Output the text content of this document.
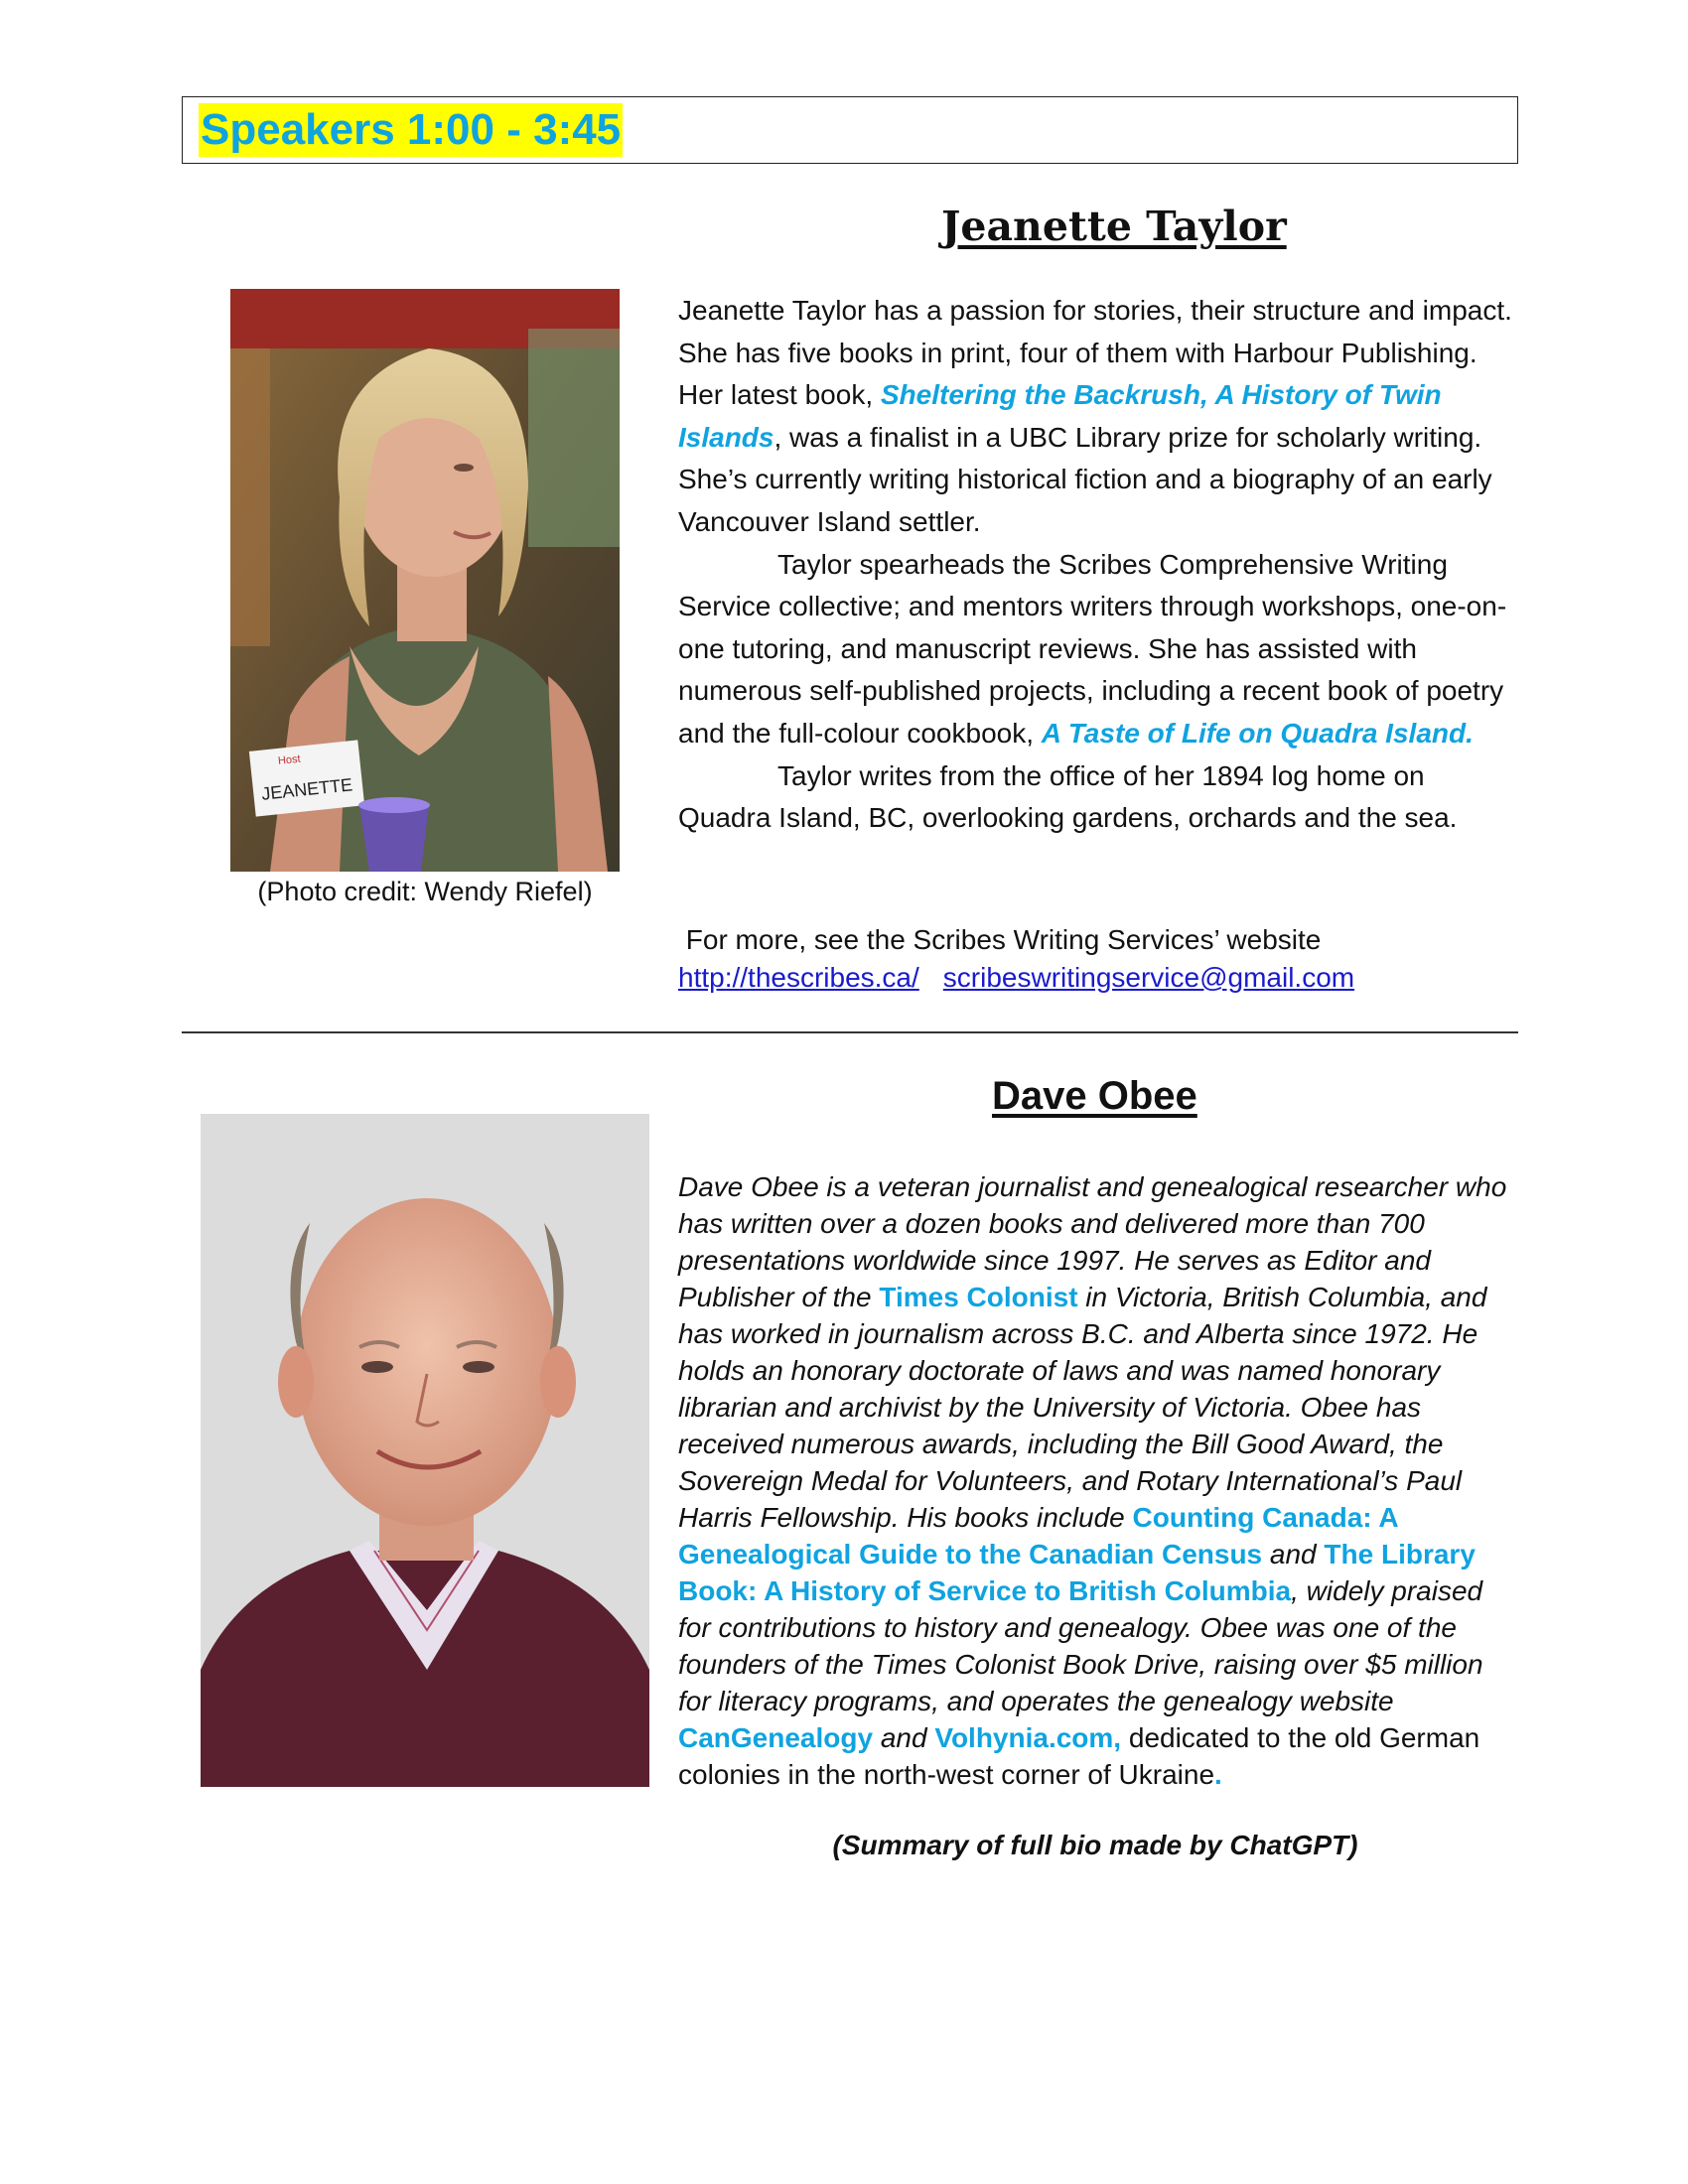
Speakers 1:00 - 3:45
Jeanette Taylor
Host
JEANETTE
(Photo credit: Wendy Riefel)

Jeanette Taylor has a passion for stories, their structure and impact. She has five books in print, four of them with Harbour Publishing. Her latest book, Sheltering the Backrush, A History of Twin Islands, was a finalist in a UBC Library prize for scholarly writing. She’s currently writing historical fiction and a biography of an early Vancouver Island settler.

Taylor spearheads the Scribes Comprehensive Writing Service collective; and mentors writers through workshops, one-on-one tutoring, and manuscript reviews. She has assisted with numerous self-published projects, including a recent book of poetry and the full-colour cookbook, A Taste of Life on Quadra Island.

Taylor writes from the office of her 1894 log home on Quadra Island, BC, overlooking gardens, orchards and the sea.

For more, see the Scribes Writing Services’ website
http://thescribes.ca/ scribeswritingservice@gmail.com
Dave Obee
Dave Obee is a veteran journalist and genealogical researcher who has written over a dozen books and delivered more than 700 presentations worldwide since 1997. He serves as Editor and Publisher of the Times Colonist in Victoria, British Columbia, and has worked in journalism across B.C. and Alberta since 1972. He holds an honorary doctorate of laws and was named honorary librarian and archivist by the University of Victoria. Obee has received numerous awards, including the Bill Good Award, the Sovereign Medal for Volunteers, and Rotary International’s Paul Harris Fellowship. His books include Counting Canada: A Genealogical Guide to the Canadian Census and The Library Book: A History of Service to British Columbia, widely praised for contributions to history and genealogy. Obee was one of the founders of the Times Colonist Book Drive, raising over $5 million for literacy programs, and operates the genealogy website CanGenealogy and Volhynia.com, dedicated to the old German colonies in the north-west corner of Ukraine.
(Summary of full bio made by ChatGPT)
